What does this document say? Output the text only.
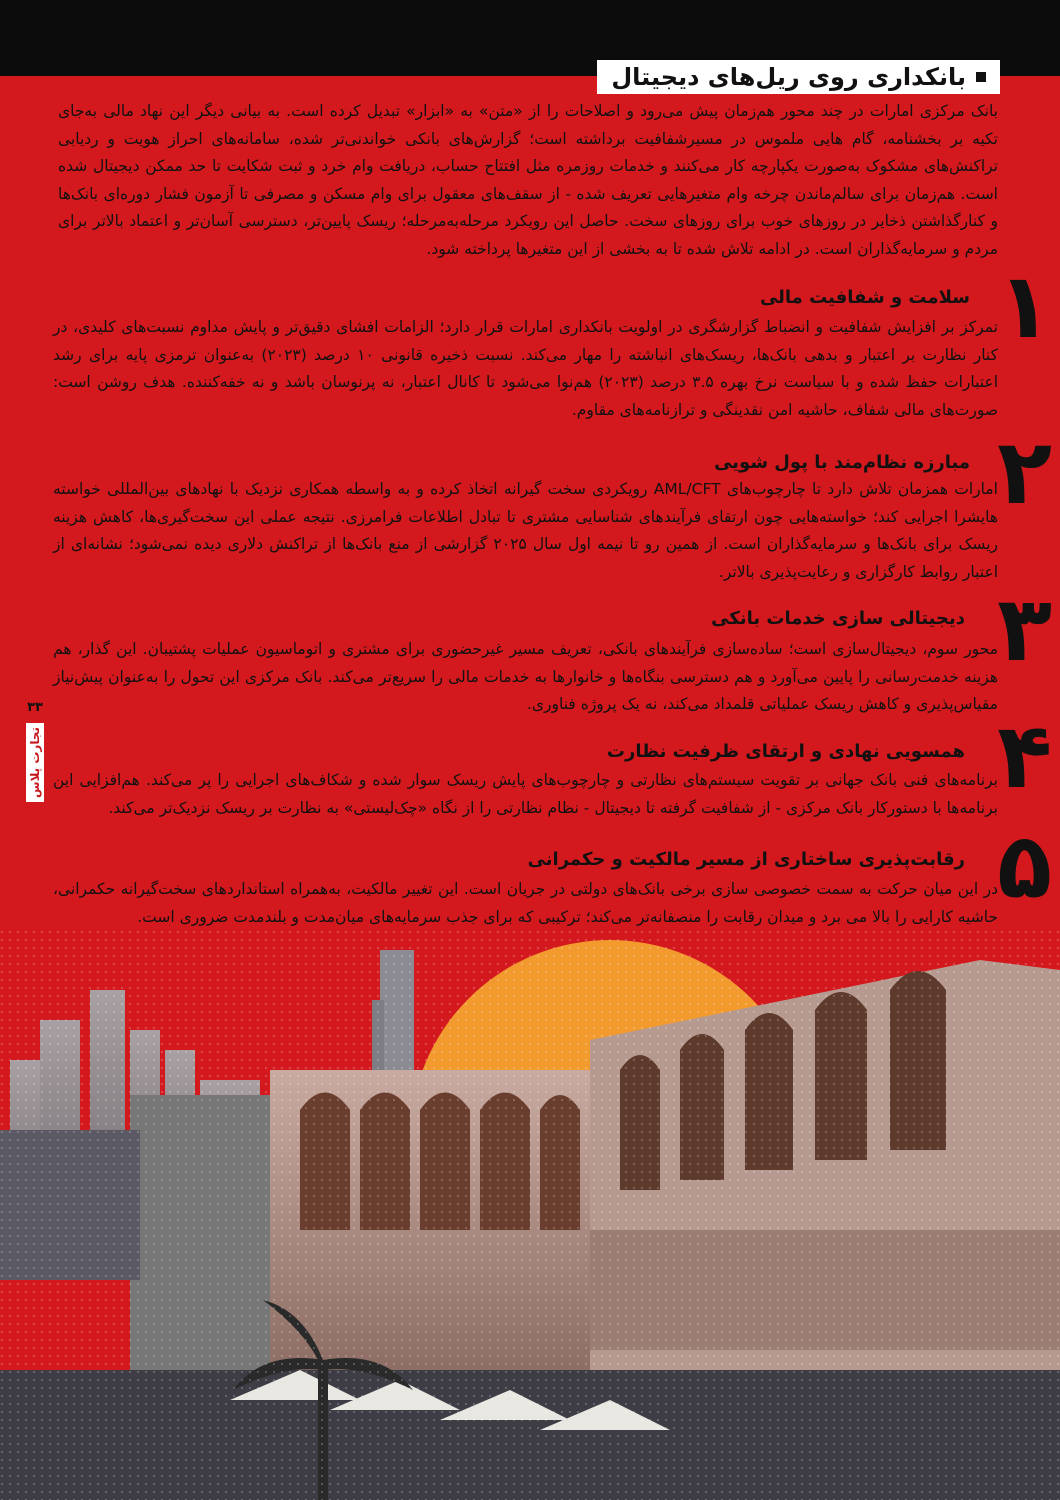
بانکداری روی ریل‌های دیجیتال

بانک مرکزی امارات در چند محور هم‌زمان پیش می‌رود و اصلاحات را از «متن» به «ابزار» تبدیل کرده است. به بیانی دیگر این نهاد مالی به‌جای تکیه بر بخشنامه، گام هایی ملموس در مسیرشفافیت برداشته است؛ گزارش‌های بانکی خواندنی‌تر شده، سامانه‌های احراز هویت و ردیابی تراکنش‌های مشکوک به‌صورت یکپارچه کار می‌کنند و خدمات روزمره مثل افتتاح حساب، دریافت وام خرد و ثبت شکایت تا حد ممکن دیجیتال شده است. هم‌زمان برای سالم‌ماندن چرخه وام متغیرهایی تعریف شده - از سقف‌های معقول برای وام مسکن و مصرفی تا آزمون فشار دوره‌ای بانک‌ها و کنارگذاشتن ذخایر در روزهای خوب برای روزهای سخت. حاصل این رویکرد مرحله‌به‌مرحله؛ ریسک پایین‌تر، دسترسی آسان‌تر و اعتماد بالاتر برای مردم و سرمایه‌گذاران است. در ادامه تلاش شده تا به بخشی از این متغیرها پرداخته شود.

۱
سلامت و شفافیت مالی

تمرکز بر افزایش شفافیت و انضباط گزارشگری در اولویت بانکداری امارات قرار دارد؛ الزامات افشای دقیق‌تر و پایش مداوم نسبت‌های کلیدی، در کنار نظارت بر اعتبار و بدهی بانک‌ها، ریسک‌های انباشته را مهار می‌کند. نسبت ذخیره قانونی ۱۰ درصد (۲۰۲۳) به‌عنوان ترمزی پایه برای رشد اعتبارات حفظ شده و با سیاست نرخ بهره ۳.۵ درصد (۲۰۲۳) هم‌نوا می‌شود تا کانال اعتبار، نه پرنوسان باشد و نه خفه‌کننده. هدف روشن است: صورت‌های مالی شفاف، حاشیه امن نقدینگی و ترازنامه‌های مقاوم.

۲
مبارزه نظام‌مند با پول شویی

امارات همزمان تلاش دارد تا چارچوب‌های AML/CFT رویکردی سخت گیرانه اتخاذ کرده و به واسطه همکاری نزدیک با نهادهای بین‌المللی خواسته هایشرا اجرایی کند؛ خواسته‌هایی چون ارتقای فرآیندهای شناسایی مشتری تا تبادل اطلاعات فرامرزی. نتیجه عملی این سخت‌گیری‌ها، کاهش هزینه ریسک برای بانک‌ها و سرمایه‌گذاران است. از همین رو تا نیمه اول سال ۲۰۲۵ گزارشی از منع بانک‌ها از تراکنش دلاری دیده نمی‌شود؛ نشانه‌ای از اعتبار روابط کارگزاری و رعایت‌پذیری بالاتر.

۳
دیجیتالی سازی خدمات بانکی

محور سوم، دیجیتال‌سازی است؛ ساده‌سازی فرآیندهای بانکی، تعریف مسیر غیرحضوری برای مشتری و اتوماسیون عملیات پشتیبان. این گذار، هم هزینه خدمت‌رسانی را پایین می‌آورد و هم دسترسی بنگاه‌ها و خانوارها به خدمات مالی را سریع‌تر می‌کند. بانک مرکزی این تحول را به‌عنوان پیش‌نیاز مقیاس‌پذیری و کاهش ریسک عملیاتی قلمداد می‌کند، نه یک پروژه فناوری. ۴
همسویی نهادی و ارتقای ظرفیت نظارت

برنامه‌های فنی بانک جهانی بر تقویت سیستم‌های نظارتی و چارچوب‌های پایش ریسک سوار شده و شکاف‌های اجرایی را پر می‌کند. هم‌افزایی این برنامه‌ها با دستورکار بانک مرکزی - از شفافیت گرفته تا دیجیتال - نظام نظارتی را از نگاه «چک‌لیستی» به نظارت بر ریسک نزدیک‌تر می‌کند.

۵
رقابت‌پذیری ساختاری از مسیر مالکیت و حکمرانی

در این میان حرکت به سمت خصوصی سازی برخی بانک‌های دولتی در جریان است. این تغییر مالکیت، به‌همراه استانداردهای سخت‌گیرانه حکمرانی، حاشیه کارایی را بالا می برد و میدان رقابت را منصفانه‌تر می‌کند؛ ترکیبی که برای جذب سرمایه‌های میان‌مدت و بلندمدت ضروری است.

۳۳
تجارت پلاس
